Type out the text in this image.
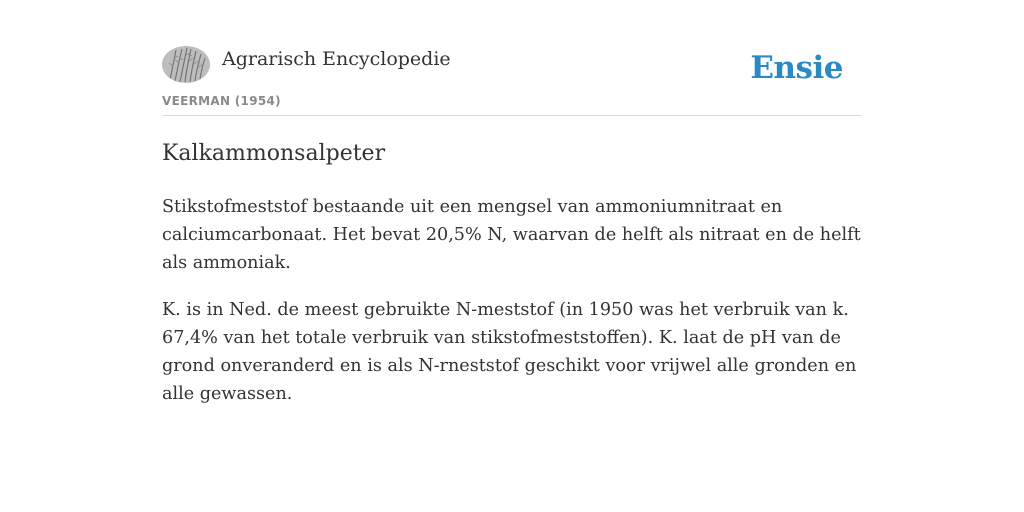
Agrarisch Encyclopedie
VEERMAN (1954)
Ensie
Kalkammonsalpeter

Stikstofmeststof bestaande uit een mengsel van ammoniumnitraat en calciumcarbonaat. Het bevat 20,5% N, waarvan de helft als nitraat en de helft als ammoniak.

K. is in Ned. de meest gebruikte N-meststof (in 1950 was het verbruik van k. 67,4% van het totale verbruik van stikstofmeststoffen). K. laat de pH van de grond onveranderd en is als N-rneststof geschikt voor vrijwel alle gronden en alle gewassen.
